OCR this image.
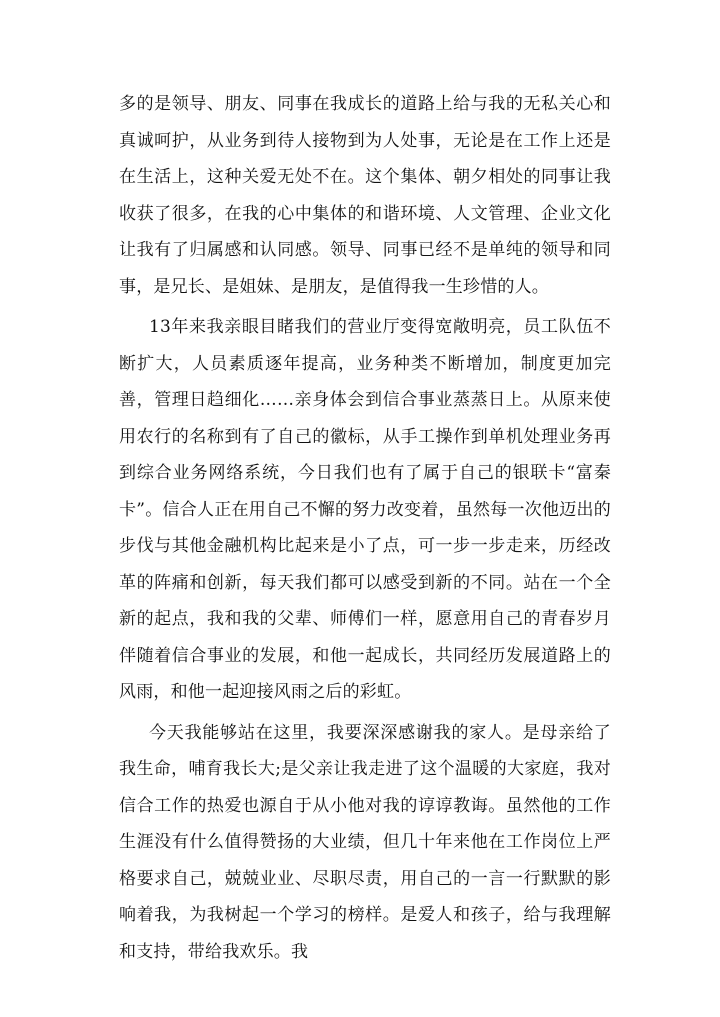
多的是领导、朋友、同事在我成长的道路上给与我的无私关心和真诚呵护，从业务到待人接物到为人处事，无论是在工作上还是在生活上，这种关爱无处不在。这个集体、朝夕相处的同事让我收获了很多，在我的心中集体的和谐环境、人文管理、企业文化让我有了归属感和认同感。领导、同事已经不是单纯的领导和同事，是兄长、是姐妹、是朋友，是值得我一生珍惜的人。

13年来我亲眼目睹我们的营业厅变得宽敞明亮，员工队伍不断扩大，人员素质逐年提高，业务种类不断增加，制度更加完善，管理日趋细化……亲身体会到信合事业蒸蒸日上。从原来使用农行的名称到有了自己的徽标，从手工操作到单机处理业务再到综合业务网络系统，今日我们也有了属于自己的银联卡“富秦卡”。信合人正在用自己不懈的努力改变着，虽然每一次他迈出的步伐与其他金融机构比起来是小了点，可一步一步走来，历经改革的阵痛和创新，每天我们都可以感受到新的不同。站在一个全新的起点，我和我的父辈、师傅们一样，愿意用自己的青春岁月伴随着信合事业的发展，和他一起成长，共同经历发展道路上的风雨，和他一起迎接风雨之后的彩虹。

今天我能够站在这里，我要深深感谢我的家人。是母亲给了我生命，哺育我长大;是父亲让我走进了这个温暖的大家庭，我对信合工作的热爱也源自于从小他对我的谆谆教诲。虽然他的工作生涯没有什么值得赞扬的大业绩，但几十年来他在工作岗位上严格要求自己，兢兢业业、尽职尽责，用自己的一言一行默默的影响着我，为我树起一个学习的榜样。是爱人和孩子，给与我理解和支持，带给我欢乐。我
